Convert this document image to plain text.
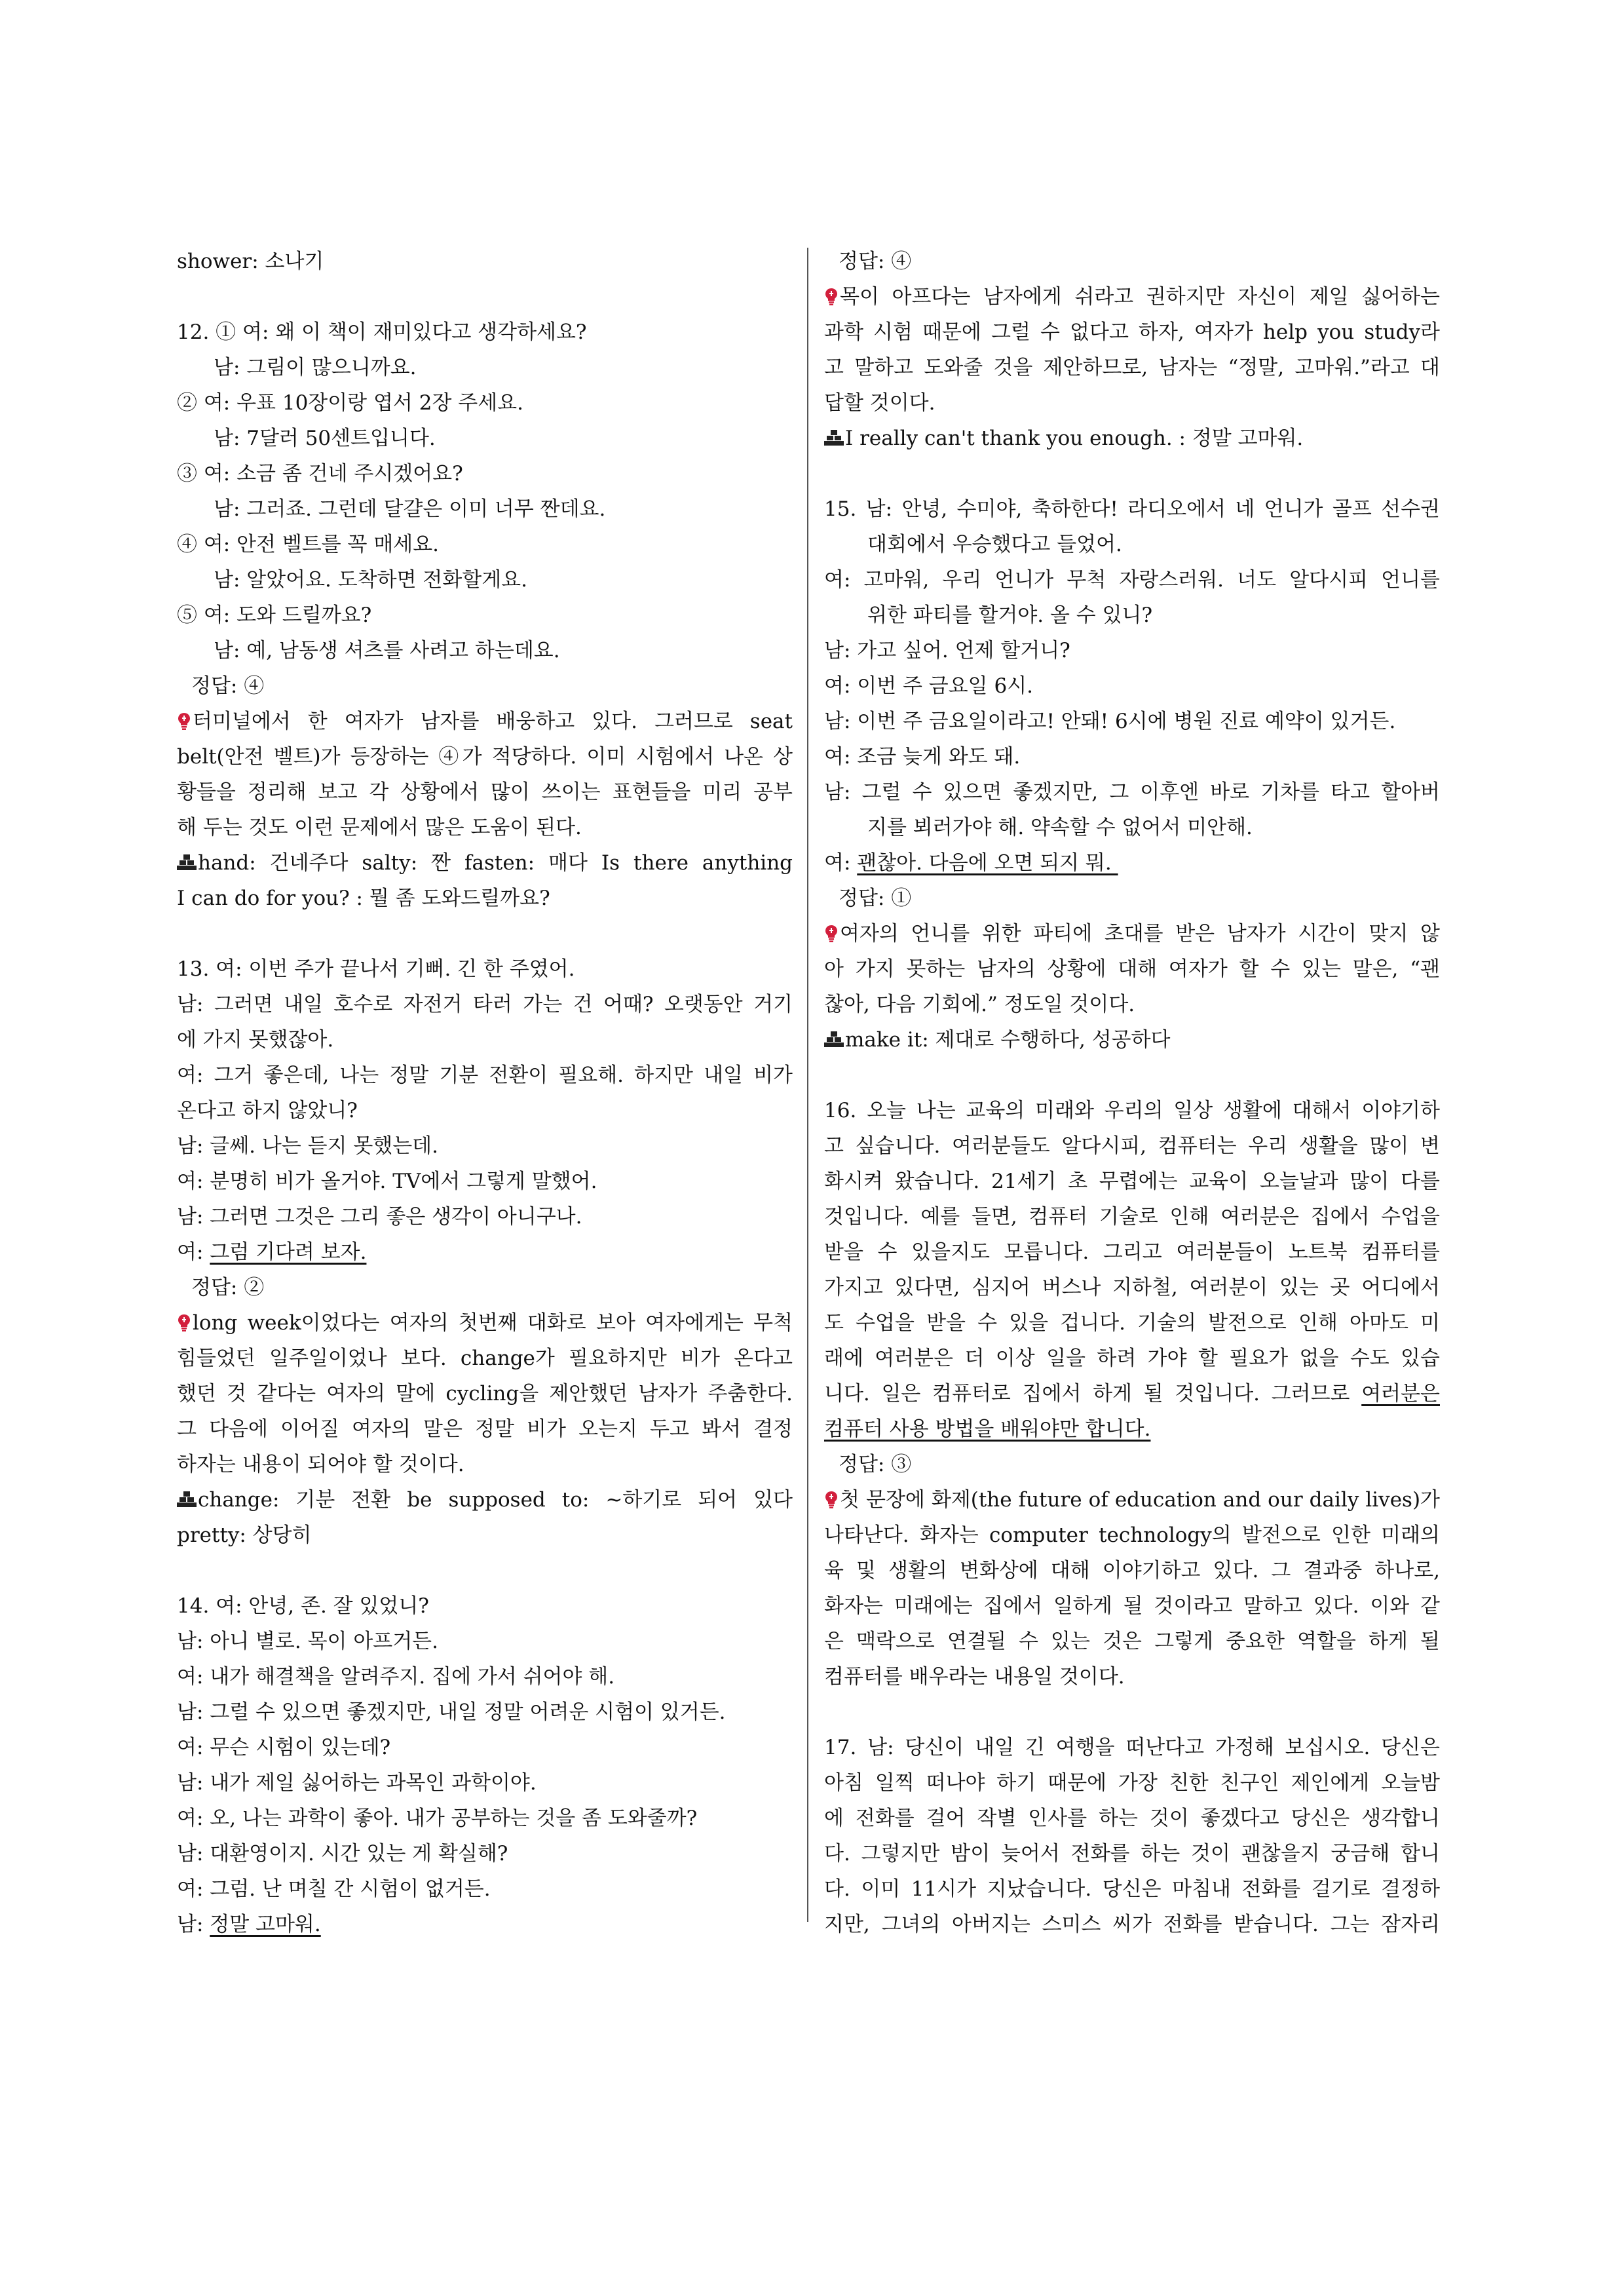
shower: 소나기
12. ① 여: 왜 이 책이 재미있다고 생각하세요?
남: 그림이 많으니까요.
② 여: 우표 10장이랑 엽서 2장 주세요.
남: 7달러 50센트입니다.
③ 여: 소금 좀 건네 주시겠어요?
남: 그러죠. 그런데 달걀은 이미 너무 짠데요.
④ 여: 안전 벨트를 꼭 매세요.
남: 알았어요. 도착하면 전화할게요.
⑤ 여: 도와 드릴까요?
남: 예, 남동생 셔츠를 사려고 하는데요.
정답: ④
터미널에서 한 여자가 남자를 배웅하고 있다. 그러므로 seat
belt(안전 벨트)가 등장하는 ④가 적당하다. 이미 시험에서 나온 상
황들을 정리해 보고 각 상황에서 많이 쓰이는 표현들을 미리 공부
해 두는 것도 이런 문제에서 많은 도움이 된다.
hand: 건네주다 salty: 짠 fasten: 매다 Is there anything
I can do for you? : 뭘 좀 도와드릴까요?
13. 여: 이번 주가 끝나서 기뻐. 긴 한 주였어.
남: 그러면 내일 호수로 자전거 타러 가는 건 어때? 오랫동안 거기
에 가지 못했잖아.
여: 그거 좋은데, 나는 정말 기분 전환이 필요해. 하지만 내일 비가
온다고 하지 않았니?
남: 글쎄. 나는 듣지 못했는데.
여: 분명히 비가 올거야. TV에서 그렇게 말했어.
남: 그러면 그것은 그리 좋은 생각이 아니구나.
여: 그럼 기다려 보자.
정답: ②
long week이었다는 여자의 첫번째 대화로 보아 여자에게는 무척
힘들었던 일주일이었나 보다. change가 필요하지만 비가 온다고
했던 것 같다는 여자의 말에 cycling을 제안했던 남자가 주춤한다.
그 다음에 이어질 여자의 말은 정말 비가 오는지 두고 봐서 결정
하자는 내용이 되어야 할 것이다.
change: 기분 전환 be supposed to: ~하기로 되어 있다
pretty: 상당히
14. 여: 안녕, 존. 잘 있었니?
남: 아니 별로. 목이 아프거든.
여: 내가 해결책을 알려주지. 집에 가서 쉬어야 해.
남: 그럴 수 있으면 좋겠지만, 내일 정말 어려운 시험이 있거든.
여: 무슨 시험이 있는데?
남: 내가 제일 싫어하는 과목인 과학이야.
여: 오, 나는 과학이 좋아. 내가 공부하는 것을 좀 도와줄까?
남: 대환영이지. 시간 있는 게 확실해?
여: 그럼. 난 며칠 간 시험이 없거든.
남: 정말 고마워.
정답: ④
목이 아프다는 남자에게 쉬라고 권하지만 자신이 제일 싫어하는
과학 시험 때문에 그럴 수 없다고 하자, 여자가 help you study라
고 말하고 도와줄 것을 제안하므로, 남자는 “정말, 고마워.”라고 대
답할 것이다.
I really can't thank you enough. : 정말 고마워.
15. 남: 안녕, 수미야, 축하한다! 라디오에서 네 언니가 골프 선수권
대회에서 우승했다고 들었어.
여: 고마워, 우리 언니가 무척 자랑스러워. 너도 알다시피 언니를
위한 파티를 할거야. 올 수 있니?
남: 가고 싶어. 언제 할거니?
여: 이번 주 금요일 6시.
남: 이번 주 금요일이라고! 안돼! 6시에 병원 진료 예약이 있거든.
여: 조금 늦게 와도 돼.
남: 그럴 수 있으면 좋겠지만, 그 이후엔 바로 기차를 타고 할아버
지를 뵈러가야 해. 약속할 수 없어서 미안해.
여: 괜찮아. 다음에 오면 되지 뭐.
정답: ①
여자의 언니를 위한 파티에 초대를 받은 남자가 시간이 맞지 않
아 가지 못하는 남자의 상황에 대해 여자가 할 수 있는 말은, “괜
찮아, 다음 기회에.” 정도일 것이다.
make it: 제대로 수행하다, 성공하다
16. 오늘 나는 교육의 미래와 우리의 일상 생활에 대해서 이야기하
고 싶습니다. 여러분들도 알다시피, 컴퓨터는 우리 생활을 많이 변
화시켜 왔습니다. 21세기 초 무렵에는 교육이 오늘날과 많이 다를
것입니다. 예를 들면, 컴퓨터 기술로 인해 여러분은 집에서 수업을
받을 수 있을지도 모릅니다. 그리고 여러분들이 노트북 컴퓨터를
가지고 있다면, 심지어 버스나 지하철, 여러분이 있는 곳 어디에서
도 수업을 받을 수 있을 겁니다. 기술의 발전으로 인해 아마도 미
래에 여러분은 더 이상 일을 하려 가야 할 필요가 없을 수도 있습
니다. 일은 컴퓨터로 집에서 하게 될 것입니다. 그러므로 여러분은
컴퓨터 사용 방법을 배워야만 합니다.
정답: ③
첫 문장에 화제(the future of education and our daily lives)가
나타난다. 화자는 computer technology의 발전으로 인한 미래의
육 및 생활의 변화상에 대해 이야기하고 있다. 그 결과중 하나로,
화자는 미래에는 집에서 일하게 될 것이라고 말하고 있다. 이와 같
은 맥락으로 연결될 수 있는 것은 그렇게 중요한 역할을 하게 될
컴퓨터를 배우라는 내용일 것이다.
17. 남: 당신이 내일 긴 여행을 떠난다고 가정해 보십시오. 당신은
아침 일찍 떠나야 하기 때문에 가장 친한 친구인 제인에게 오늘밤
에 전화를 걸어 작별 인사를 하는 것이 좋겠다고 당신은 생각합니
다. 그렇지만 밤이 늦어서 전화를 하는 것이 괜찮을지 궁금해 합니
다. 이미 11시가 지났습니다. 당신은 마침내 전화를 걸기로 결정하
지만, 그녀의 아버지는 스미스 씨가 전화를 받습니다. 그는 잠자리
